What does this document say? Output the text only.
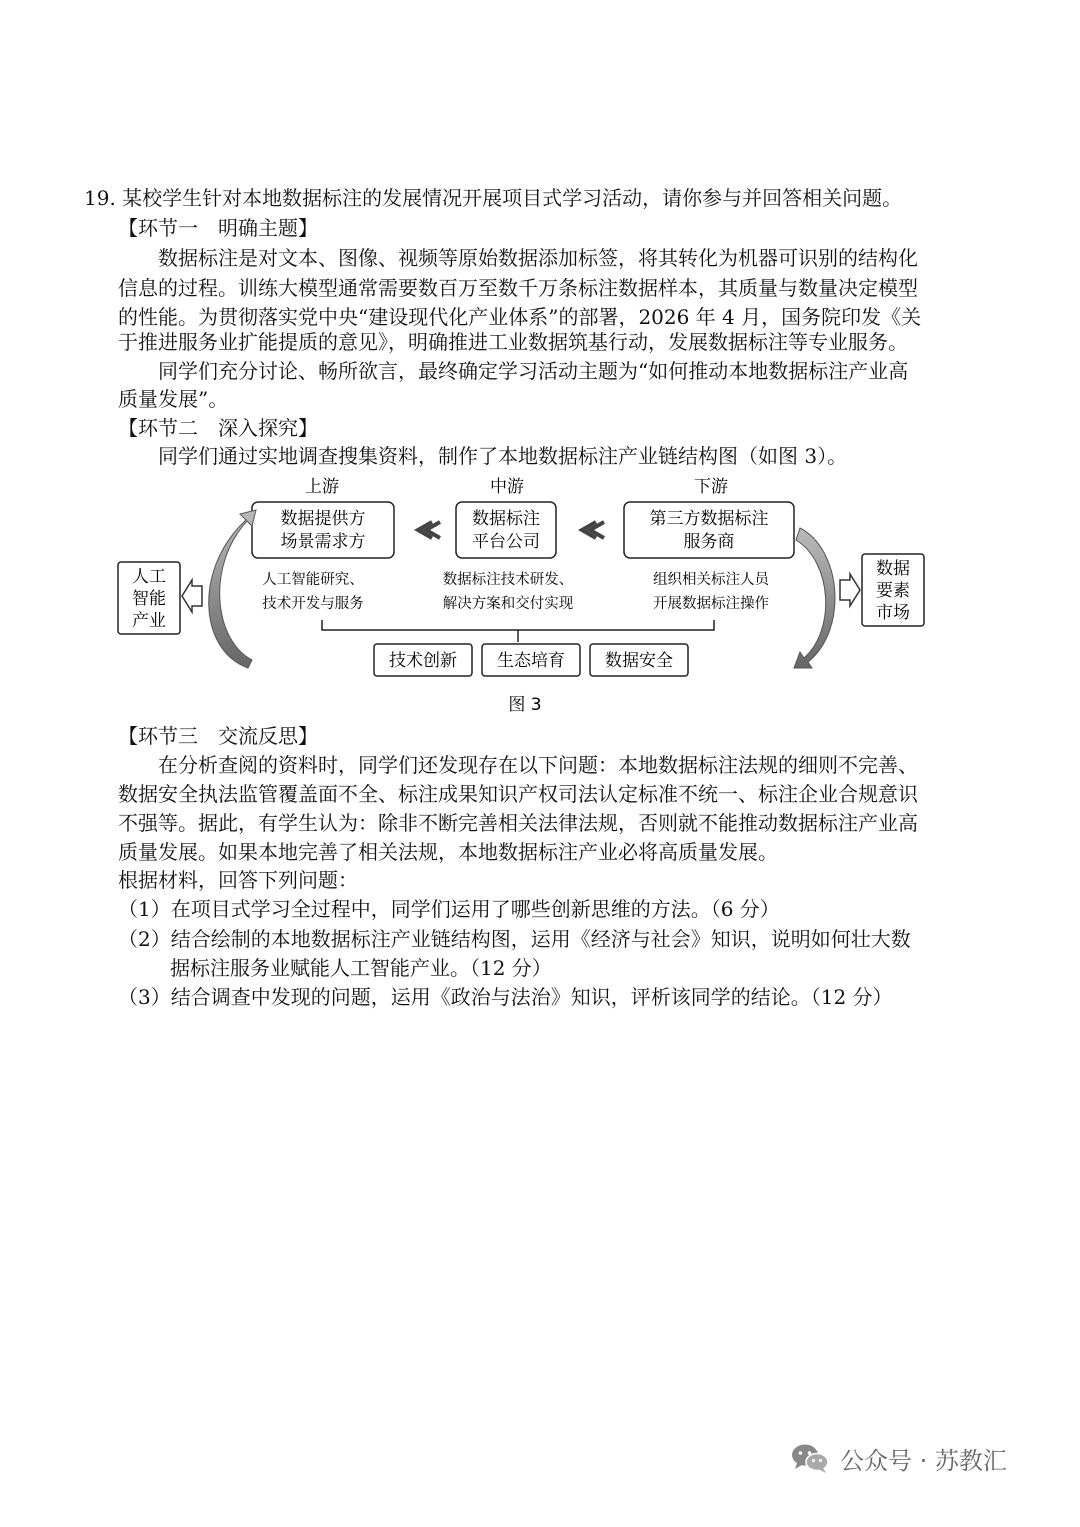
19. 某校学生针对本地数据标注的发展情况开展项目式学习活动，请你参与并回答相关问题。
【环节一　明确主题】
数据标注是对文本、图像、视频等原始数据添加标签，将其转化为机器可识别的结构化
信息的过程。训练大模型通常需要数百万至数千万条标注数据样本，其质量与数量决定模型
的性能。为贯彻落实党中央“建设现代化产业体系”的部署，2026 年 4 月，国务院印发《关
于推进服务业扩能提质的意见》，明确推进工业数据筑基行动，发展数据标注等专业服务。
同学们充分讨论、畅所欲言，最终确定学习活动主题为“如何推动本地数据标注产业高
质量发展”。
【环节二　深入探究】
同学们通过实地调查搜集资料，制作了本地数据标注产业链结构图（如图 3）。
上游	中游	下游
数据提供方
场景需求方
数据标注
平台公司
第三方数据标注
服务商
人工
智能
产业
数据
要素
市场
人工智能研究、
技术开发与服务
数据标注技术研发、
解决方案和交付实现
组织相关标注人员
开展数据标注操作
技术创新 生态培育 数据安全
图 3
【环节三　交流反思】
在分析查阅的资料时，同学们还发现存在以下问题：本地数据标注法规的细则不完善、
数据安全执法监管覆盖面不全、标注成果知识产权司法认定标准不统一、标注企业合规意识
不强等。据此，有学生认为：除非不断完善相关法律法规，否则就不能推动数据标注产业高
质量发展。如果本地完善了相关法规，本地数据标注产业必将高质量发展。
根据材料，回答下列问题：
（1）在项目式学习全过程中，同学们运用了哪些创新思维的方法。（6 分）
（2）结合绘制的本地数据标注产业链结构图，运用《经济与社会》知识，说明如何壮大数
据标注服务业赋能人工智能产业。（12 分）
（3）结合调查中发现的问题，运用《政治与法治》知识，评析该同学的结论。（12 分）
公众号 · 苏教汇
